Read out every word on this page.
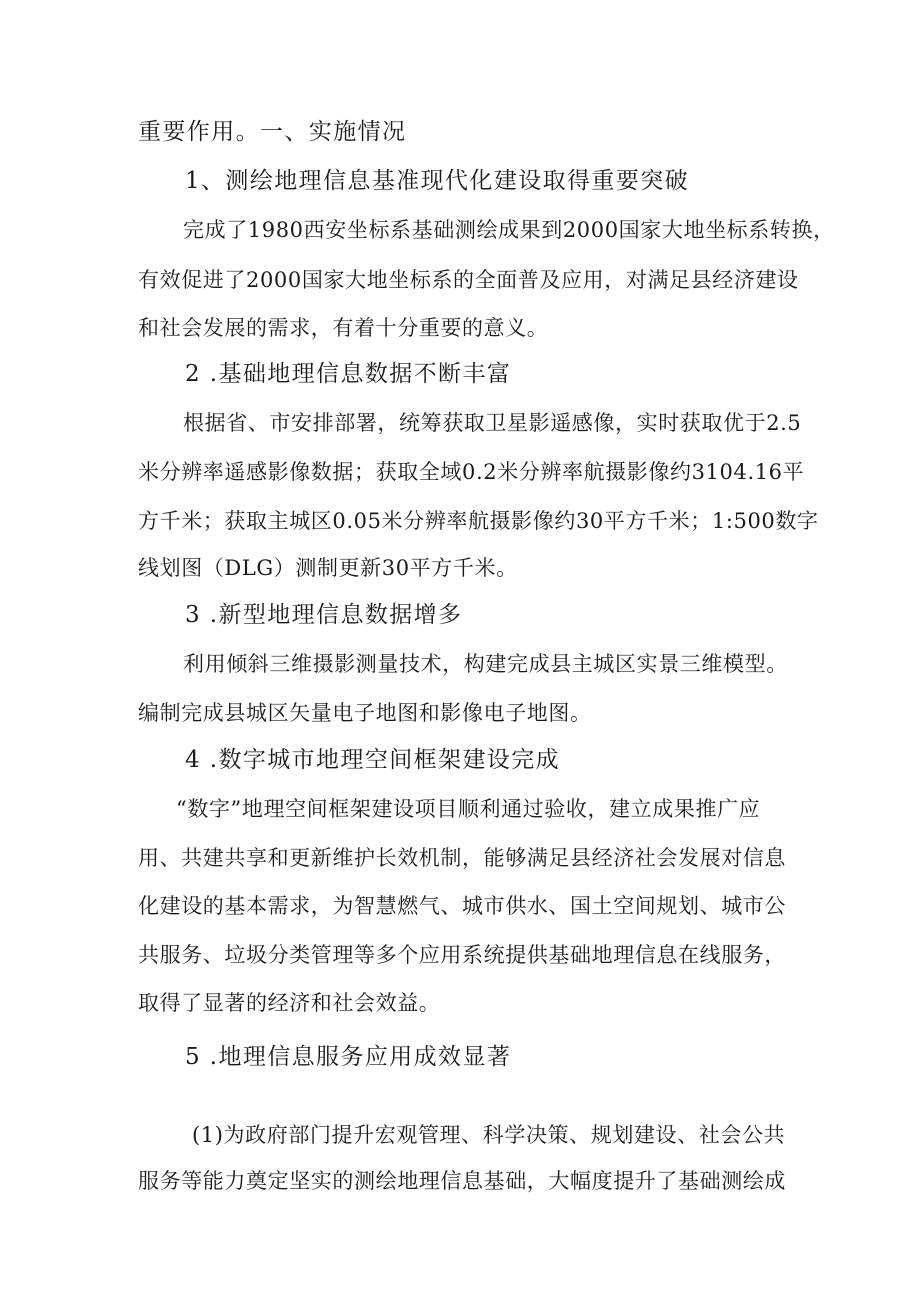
重要作用。一、实施情况
1、测绘地理信息基准现代化建设取得重要突破
完成了1980西安坐标系基础测绘成果到2000国家大地坐标系转换，
有效促进了2000国家大地坐标系的全面普及应用，对满足县经济建设
和社会发展的需求，有着十分重要的意义。
2 .基础地理信息数据不断丰富
根据省、市安排部署，统筹获取卫星影遥感像，实时获取优于2.5
米分辨率遥感影像数据；获取全域0.2米分辨率航摄影像约3104.16平
方千米；获取主城区0.05米分辨率航摄影像约30平方千米；1:500数字
线划图（DLG）测制更新30平方千米。
3 .新型地理信息数据增多
利用倾斜三维摄影测量技术，构建完成县主城区实景三维模型。
编制完成县城区矢量电子地图和影像电子地图。
4 .数字城市地理空间框架建设完成
“数字”地理空间框架建设项目顺利通过验收，建立成果推广应
用、共建共享和更新维护长效机制，能够满足县经济社会发展对信息
化建设的基本需求，为智慧燃气、城市供水、国土空间规划、城市公
共服务、垃圾分类管理等多个应用系统提供基础地理信息在线服务，
取得了显著的经济和社会效益。
5 .地理信息服务应用成效显著
(1)为政府部门提升宏观管理、科学决策、规划建设、社会公共
服务等能力奠定坚实的测绘地理信息基础，大幅度提升了基础测绘成
